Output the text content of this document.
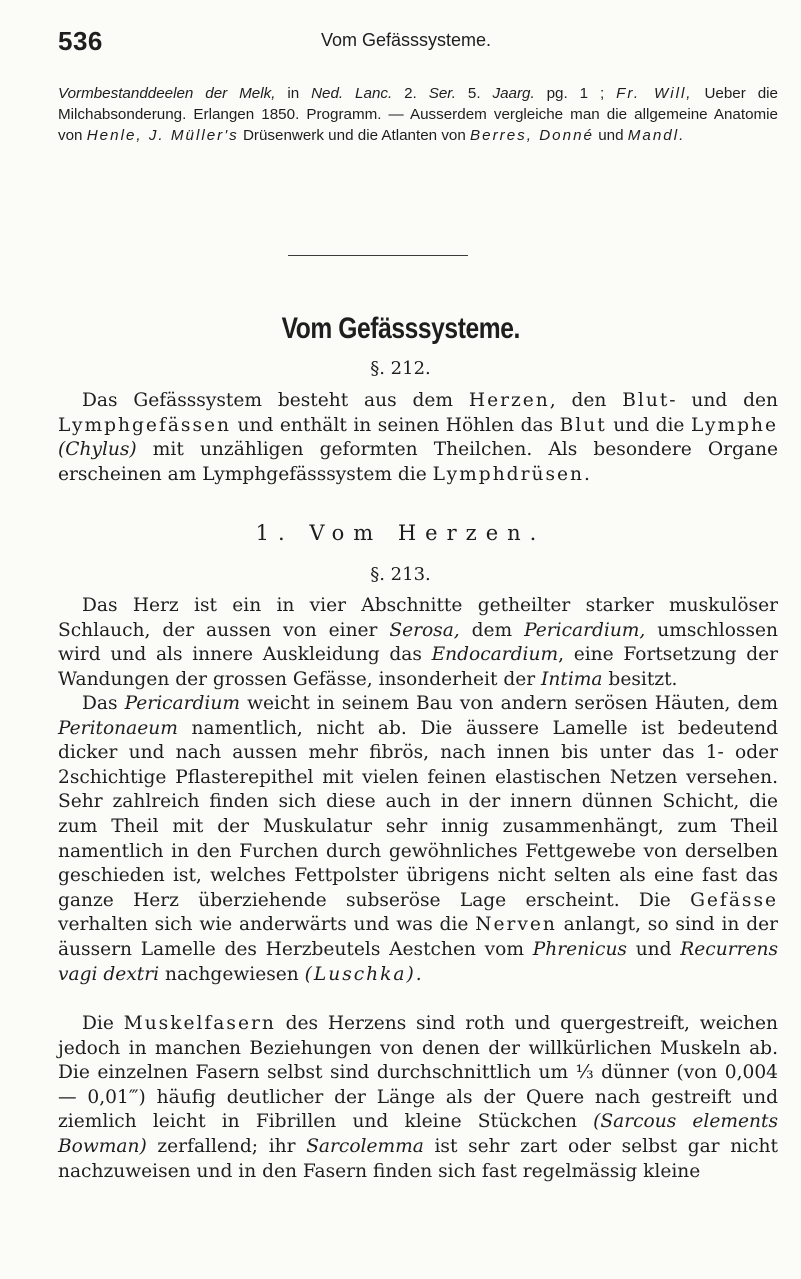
536	Vom Gefässsysteme.
Vormbestanddeelen der Melk, in Ned. Lanc. 2. Ser. 5. Jaarg. pg. 1 ; Fr. Will, Ueber die Milchabsonderung. Erlangen 1850. Programm. — Ausserdem vergleiche man die allgemeine Anatomie von Henle, J. Müller's Drüsenwerk und die Atlanten von Berres, Donné und Mandl.
Vom Gefässsysteme.
§. 212.

Das Gefässsystem besteht aus dem Herzen, den Blut- und den Lymphgefässen und enthält in seinen Höhlen das Blut und die Lymphe (Chylus) mit unzähligen geformten Theilchen. Als besondere Organe erscheinen am Lymphgefässsystem die Lymphdrüsen.

1. Vom Herzen.
§. 213.

Das Herz ist ein in vier Abschnitte getheilter starker muskulöser Schlauch, der aussen von einer Serosa, dem Pericardium, umschlossen wird und als innere Auskleidung das Endocardium, eine Fortsetzung der Wandungen der grossen Gefässe, insonderheit der Intima besitzt.

Das Pericardium weicht in seinem Bau von andern serösen Häuten, dem Peritonaeum namentlich, nicht ab. Die äussere Lamelle ist bedeutend dicker und nach aussen mehr fibrös, nach innen bis unter das 1- oder 2schichtige Pflasterepithel mit vielen feinen elastischen Netzen versehen. Sehr zahlreich finden sich diese auch in der innern dünnen Schicht, die zum Theil mit der Muskulatur sehr innig zusammenhängt, zum Theil namentlich in den Furchen durch gewöhnliches Fettgewebe von derselben geschieden ist, welches Fettpolster übrigens nicht selten als eine fast das ganze Herz überziehende subseröse Lage erscheint. Die Gefässe verhalten sich wie anderwärts und was die Nerven anlangt, so sind in der äussern Lamelle des Herzbeutels Aestchen vom Phrenicus und Recurrens vagi dextri nachgewiesen (Luschka).

Die Muskelfasern des Herzens sind roth und quergestreift, weichen jedoch in manchen Beziehungen von denen der willkürlichen Muskeln ab. Die einzelnen Fasern selbst sind durchschnittlich um ⅓ dünner (von 0,004 — 0,01‴) häufig deutlicher der Länge als der Quere nach gestreift und ziemlich leicht in Fibrillen und kleine Stückchen (Sarcous elements Bowman) zerfallend; ihr Sarcolemma ist sehr zart oder selbst gar nicht nachzuweisen und in den Fasern finden sich fast regelmässig kleine
